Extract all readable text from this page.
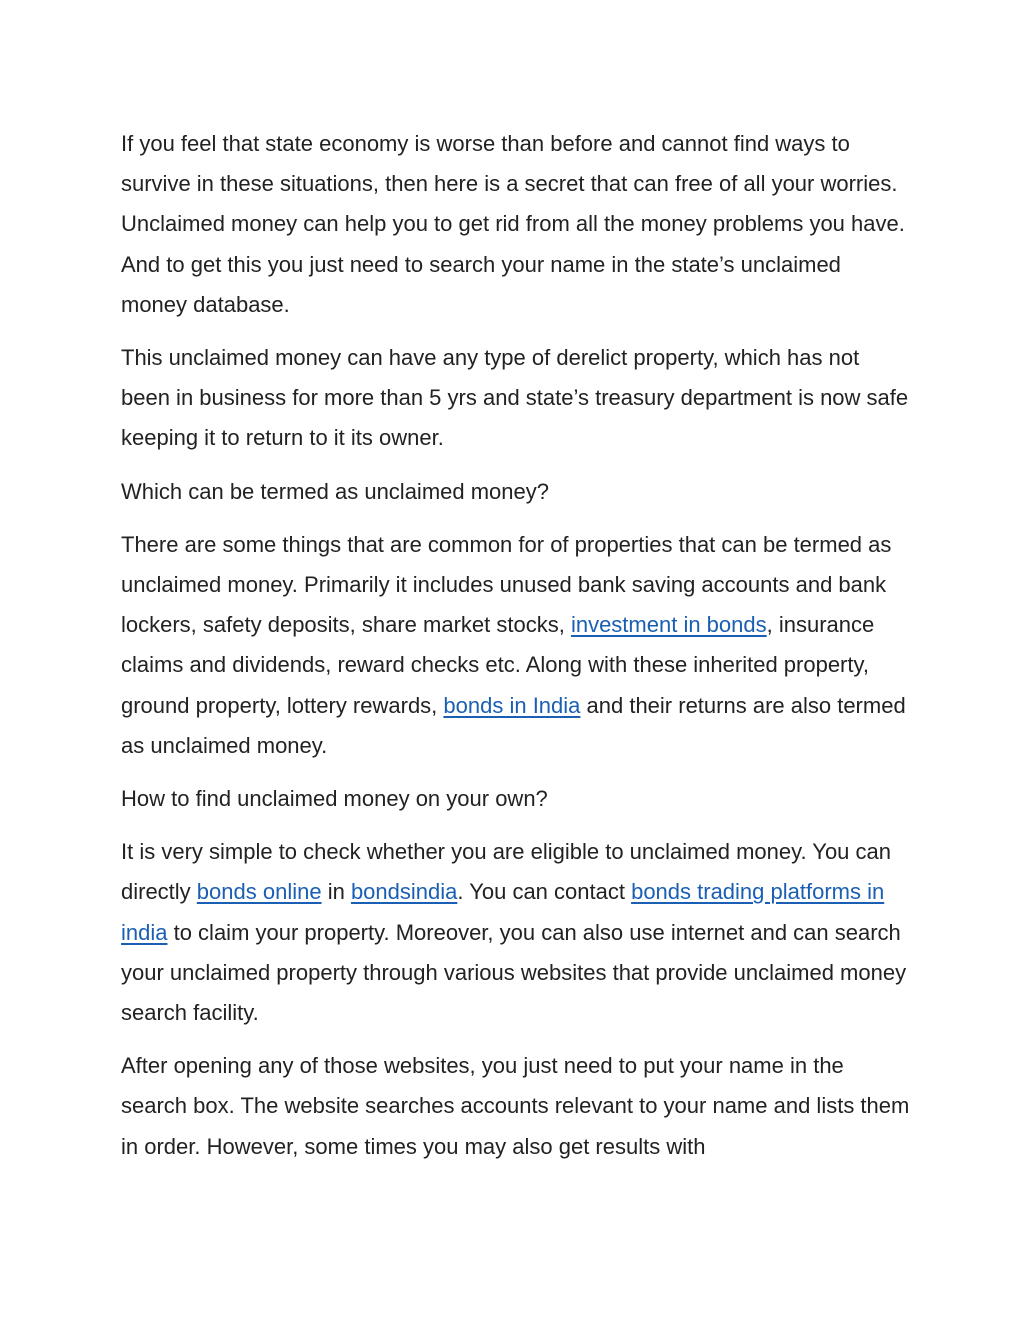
If you feel that state economy is worse than before and cannot find ways to survive in these situations, then here is a secret that can free of all your worries. Unclaimed money can help you to get rid from all the money problems you have. And to get this you just need to search your name in the state’s unclaimed money database.

This unclaimed money can have any type of derelict property, which has not been in business for more than 5 yrs and state’s treasury department is now safe keeping it to return to it its owner.

Which can be termed as unclaimed money?

There are some things that are common for of properties that can be termed as unclaimed money. Primarily it includes unused bank saving accounts and bank lockers, safety deposits, share market stocks, investment in bonds, insurance claims and dividends, reward checks etc. Along with these inherited property, ground property, lottery rewards, bonds in India and their returns are also termed as unclaimed money.

How to find unclaimed money on your own?

It is very simple to check whether you are eligible to unclaimed money. You can directly bonds online in bondsindia. You can contact bonds trading platforms in india to claim your property. Moreover, you can also use internet and can search your unclaimed property through various websites that provide unclaimed money search facility.

After opening any of those websites, you just need to put your name in the search box. The website searches accounts relevant to your name and lists them in order. However, some times you may also get results with
